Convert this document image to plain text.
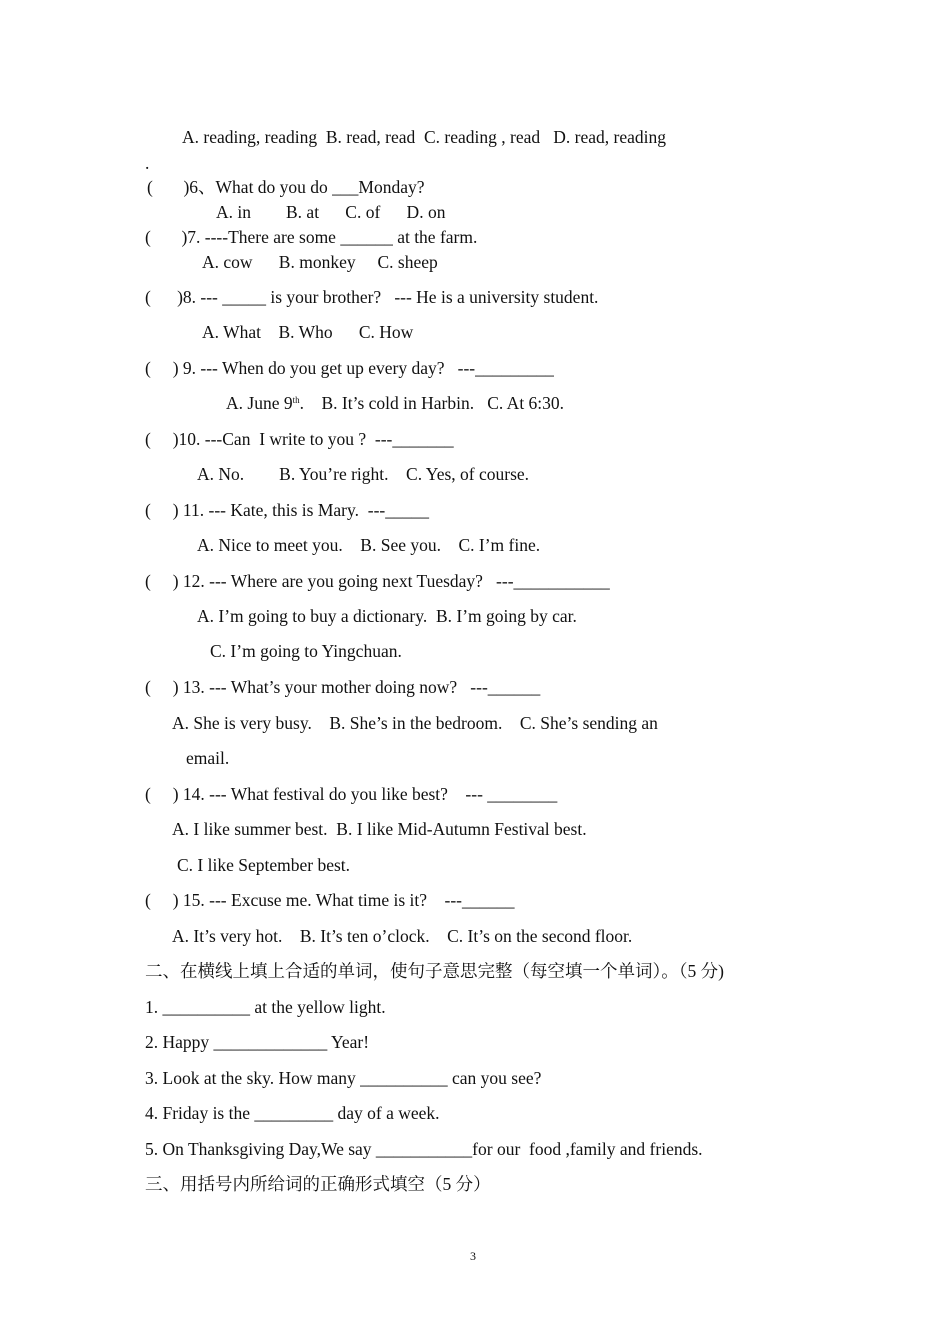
A. reading, reading  B. read, read  C. reading , read   D. read, reading
.
(       )6、What do you do ___Monday?
A. in        B. at      C. of      D. on
(       )7. ----There are some ______ at the farm.
A. cow      B. monkey     C. sheep
(      )8. --- _____ is your brother?   --- He is a university student.
A. What    B. Who      C. How
(     ) 9. --- When do you get up every day?   ---_________
A. June 9th.    B. It’s cold in Harbin.   C. At 6:30.
(     )10. ---Can  I write to you ?  ---_______
A. No.        B. You’re right.    C. Yes, of course.
(     ) 11. --- Kate, this is Mary.  ---_____
A. Nice to meet you.    B. See you.    C. I’m fine.
(     ) 12. --- Where are you going next Tuesday?   ---___________
A. I’m going to buy a dictionary.  B. I’m going by car.
C. I’m going to Yingchuan.
(     ) 13. --- What’s your mother doing now?   ---______
A. She is very busy.    B. She’s in the bedroom.    C. She’s sending an
email.
(     ) 14. --- What festival do you like best?    --- ________
A. I like summer best.  B. I like Mid-Autumn Festival best.
C. I like September best.
(     ) 15. --- Excuse me. What time is it?    ---______
A. It’s very hot.    B. It’s ten o’clock.    C. It’s on the second floor.
二、在横线上填上合适的单词，使句子意思完整（每空填一个单词）。（5 分)
1. __________ at the yellow light.
2. Happy _____________ Year!
3. Look at the sky. How many __________ can you see?
4. Friday is the _________ day of a week.
5. On Thanksgiving Day,We say ___________for our  food ,family and friends.
三、用括号内所给词的正确形式填空（5 分）
3
